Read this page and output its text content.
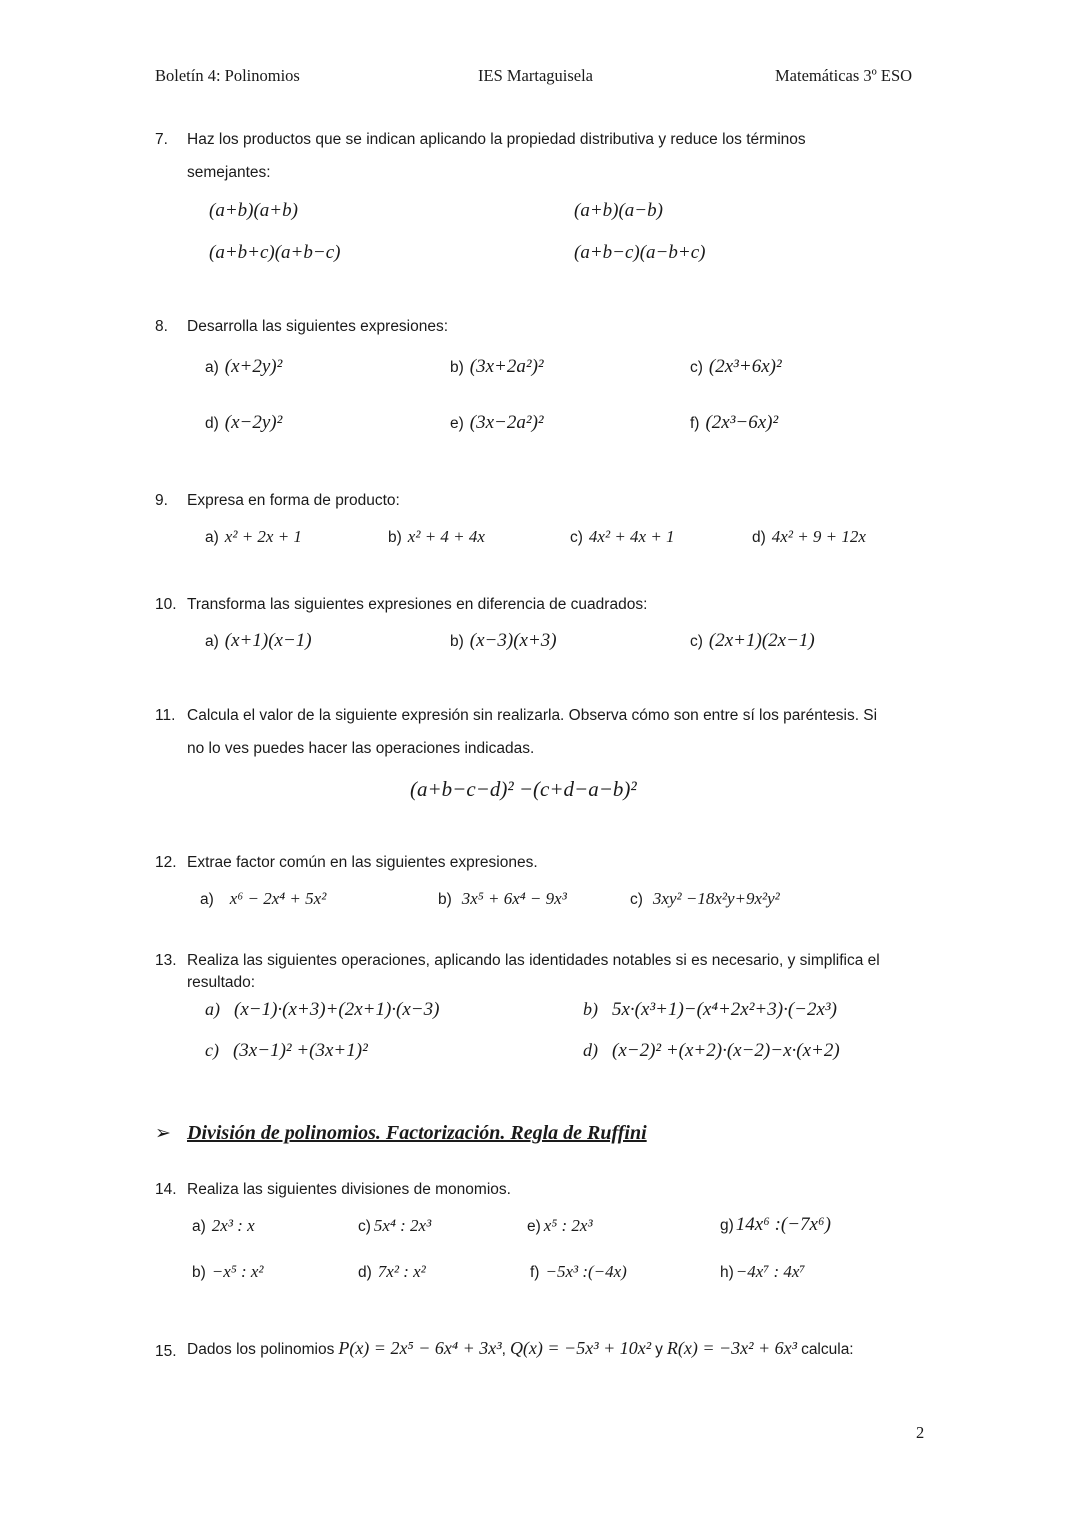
Boletín 4: Polinomios	IES Martaguisela	Matemáticas 3º ESO
7. Haz los productos que se indican aplicando la propiedad distributiva y reduce los términos
semejantes:
(a+b)(a+b)	(a+b)(a−b)
(a+b+c)(a+b−c)	(a+b−c)(a−b+c)
8. Desarrolla las siguientes expresiones:
a) (x+2y)²	b) (3x+2a²)²	c) (2x³+6x)²
d) (x−2y)²	e) (3x−2a²)²	f) (2x³−6x)²
9. Expresa en forma de producto:
a) x² + 2x + 1	b) x² + 4 + 4x	c) 4x² + 4x + 1	d) 4x² + 9 + 12x
10. Transforma las siguientes expresiones en diferencia de cuadrados:
a) (x+1)(x−1)	b) (x−3)(x+3)	c) (2x+1)(2x−1)
11. Calcula el valor de la siguiente expresión sin realizarla. Observa cómo son entre sí los paréntesis. Si
no lo ves puedes hacer las operaciones indicadas.
(a+b−c−d)² −(c+d−a−b)²
12. Extrae factor común en las siguientes expresiones.
a) x⁶ − 2x⁴ + 5x²	b) 3x⁵ + 6x⁴ − 9x³	c) 3xy² −18x²y+9x²y²
13. Realiza las siguientes operaciones, aplicando las identidades notables si es necesario, y simplifica el
resultado:
a) (x−1)·(x+3)+(2x+1)·(x−3)	b) 5x·(x³+1)−(x⁴+2x²+3)·(−2x³)
c) (3x−1)² +(3x+1)²	d) (x−2)² +(x+2)·(x−2)−x·(x+2)
➢ División de polinomios. Factorización. Regla de Ruffini
14. Realiza las siguientes divisiones de monomios.
a) 2x³ : x	c) 5x⁴ : 2x³	e) x⁵ : 2x³	g) 14x⁶ :(−7x⁶)
b) −x⁵ : x²	d) 7x² : x²	f) −5x³ :(−4x)	h) −4x⁷ : 4x⁷
15. Dados los polinomios P(x) = 2x⁵ − 6x⁴ + 3x³, Q(x) = −5x³ + 10x² y R(x) = −3x² + 6x³ calcula:
2
